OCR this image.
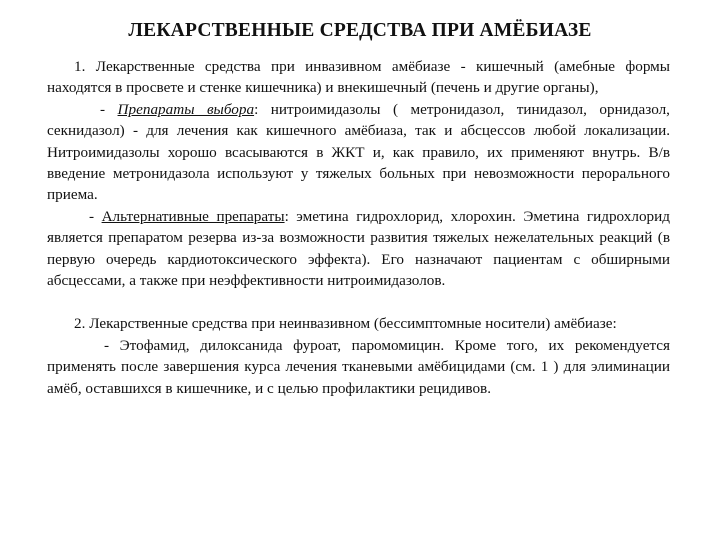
ЛЕКАРСТВЕННЫЕ СРЕДСТВА ПРИ АМЁБИАЗЕ

1. Лекарственные средства при инвазивном амёбиазе - кишечный (амебные формы находятся в просвете и стенке кишечника) и внекишечный (печень и другие органы),

- Препараты выбора: нитроимидазолы ( метронидазол, тинидазол, орнидазол, секнидазол) - для лечения как кишечного амёбиаза, так и абсцессов любой локализации. Нитроимидазолы хорошо всасываются в ЖКТ и, как правило, их применяют внутрь. В/в введение метронидазола используют у тяжелых больных при невозможности перорального приема.

- Альтернативные препараты: эметина гидрохлорид, хлорохин. Эметина гидрохлорид является препаратом резерва из-за возможности развития тяжелых нежелательных реакций (в первую очередь кардиотоксического эффекта). Его назначают пациентам с обширными абсцессами, а также при неэффективности нитроимидазолов.

2. Лекарственные средства при неинвазивном (бессимптомные носители) амёбиазе:

- Этофамид, дилоксанида фуроат, паромомицин. Кроме того, их рекомендуется применять после завершения курса лечения тканевыми амёбицидами (см. 1 ) для элиминации амёб, оставшихся в кишечнике, и с целью профилактики рецидивов.
